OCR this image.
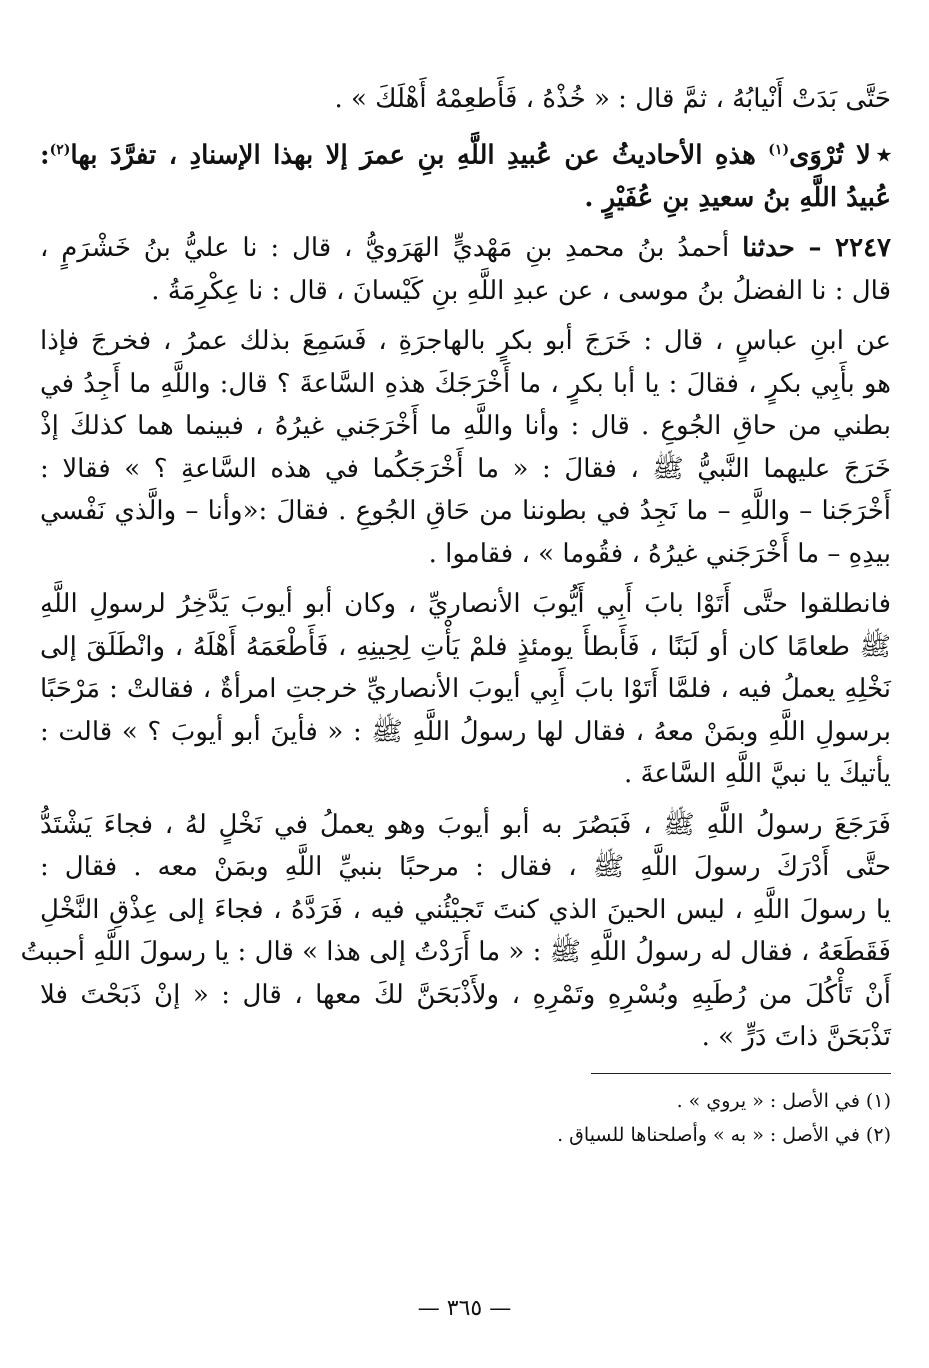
حَتَّى بَدَتْ أَنْيابُهُ ، ثمَّ قال : « خُذْهُ ، فَأَطعِمْهُ أَهْلَكَ » .

٭لا تُرْوَى$^{(١)}$ هذهِ الأحاديثُ عن عُبيدِ اللَّهِ بنِ عمرَ إلا بهذا الإسنادِ ، تفرَّدَ بها$^{(٢)}$:

عُبيدُ اللَّهِ بنُ سعيدِ بنِ عُفَيْرٍ .

٢٢٤٧ – حدثنا أحمدُ بنُ محمدِ بنِ مَهْديٍّ الهَرَويُّ ، قال : نا عليُّ بنُ خَشْرَمٍ ،

قال : نا الفضلُ بنُ موسى ، عن عبدِ اللَّهِ بنِ كَيْسانَ ، قال : نا عِكْرِمَةُ .

عن ابنِ عباسٍ ، قال : خَرَجَ أبو بكرٍ بالهاجرَةِ ، فَسَمِعَ بذلك عمرُ ، فخرجَ فإذا

هو بأَبِي بكرٍ ، فقالَ : يا أبا بكرٍ ، ما أَخْرَجَكَ هذهِ السَّاعةَ ؟ قال: واللَّهِ ما أَجِدُ في

بطني من حاقِ الجُوعِ . قال : وأنا واللَّهِ ما أَخْرَجَني غيرُهُ ، فبينما هما كذلكَ إذْ

خَرَجَ عليهما النَّبيُّ ﷺ ، فقالَ : « ما أَخْرَجَكُما في هذه السَّاعةِ ؟ » فقالا :

أَخْرَجَنا – واللَّهِ – ما نَجِدُ في بطوننا من حَاقِ الجُوعِ . فقالَ :«وأنا – والَّذي نَفْسي

بيدِهِ – ما أَخْرَجَني غيرُهُ ، فقُوما » ، فقاموا .

فانطلقوا حتَّى أَتَوْا بابَ أَبِي أَيُّوبَ الأنصاريِّ ، وكان أبو أيوبَ يَدَّخِرُ لرسولِ اللَّهِ

ﷺ طعامًا كان أو لَبَنًا ، فَأَبطأَ يومئذٍ فلمْ يَأْتِ لِحِينِهِ ، فَأَطْعَمَهُ أَهْلَهُ ، وانْطَلَقَ إلى

نَخْلِهِ يعملُ فيه ، فلمَّا أَتَوْا بابَ أَبِي أيوبَ الأنصاريِّ خرجتِ امرأةٌ ، فقالتْ : مَرْحَبًا

برسولِ اللَّهِ وبمَنْ معهُ ، فقال لها رسولُ اللَّهِ ﷺ : « فأينَ أبو أيوبَ ؟ » قالت :

يأتيكَ يا نبيَّ اللَّهِ السَّاعةَ .

فَرَجَعَ رسولُ اللَّهِ ﷺ ، فَبَصُرَ به أبو أيوبَ وهو يعملُ في نَخْلٍ لهُ ، فجاءَ يَشْتَدُّ

حتَّى أَدْرَكَ رسولَ اللَّهِ ﷺ ، فقال : مرحبًا بنبيِّ اللَّهِ وبمَنْ معه . فقال :

يا رسولَ اللَّهِ ، ليس الحينَ الذي كنتَ تَجيْئُني فيه ، فَرَدَّهُ ، فجاءَ إلى عِذْقِ النَّخْلِ

فَقَطَعَهُ ، فقال له رسولُ اللَّهِ ﷺ : « ما أَرَدْتُ إلى هذا » قال : يا رسولَ اللَّهِ أحببتُ

أَنْ تَأْكُلَ من رُطَبِهِ وبُسْرِهِ وتَمْرِهِ ، ولأَذْبَحَنَّ لكَ معها ، قال : « إنْ ذَبَحْتَ فلا

تَذْبَحَنَّ ذاتَ دَرٍّ » .

(١) في الأصل : « يروي » .

(٢) في الأصل : « به » وأصلحناها للسياق .

— ٣٦٥ —
